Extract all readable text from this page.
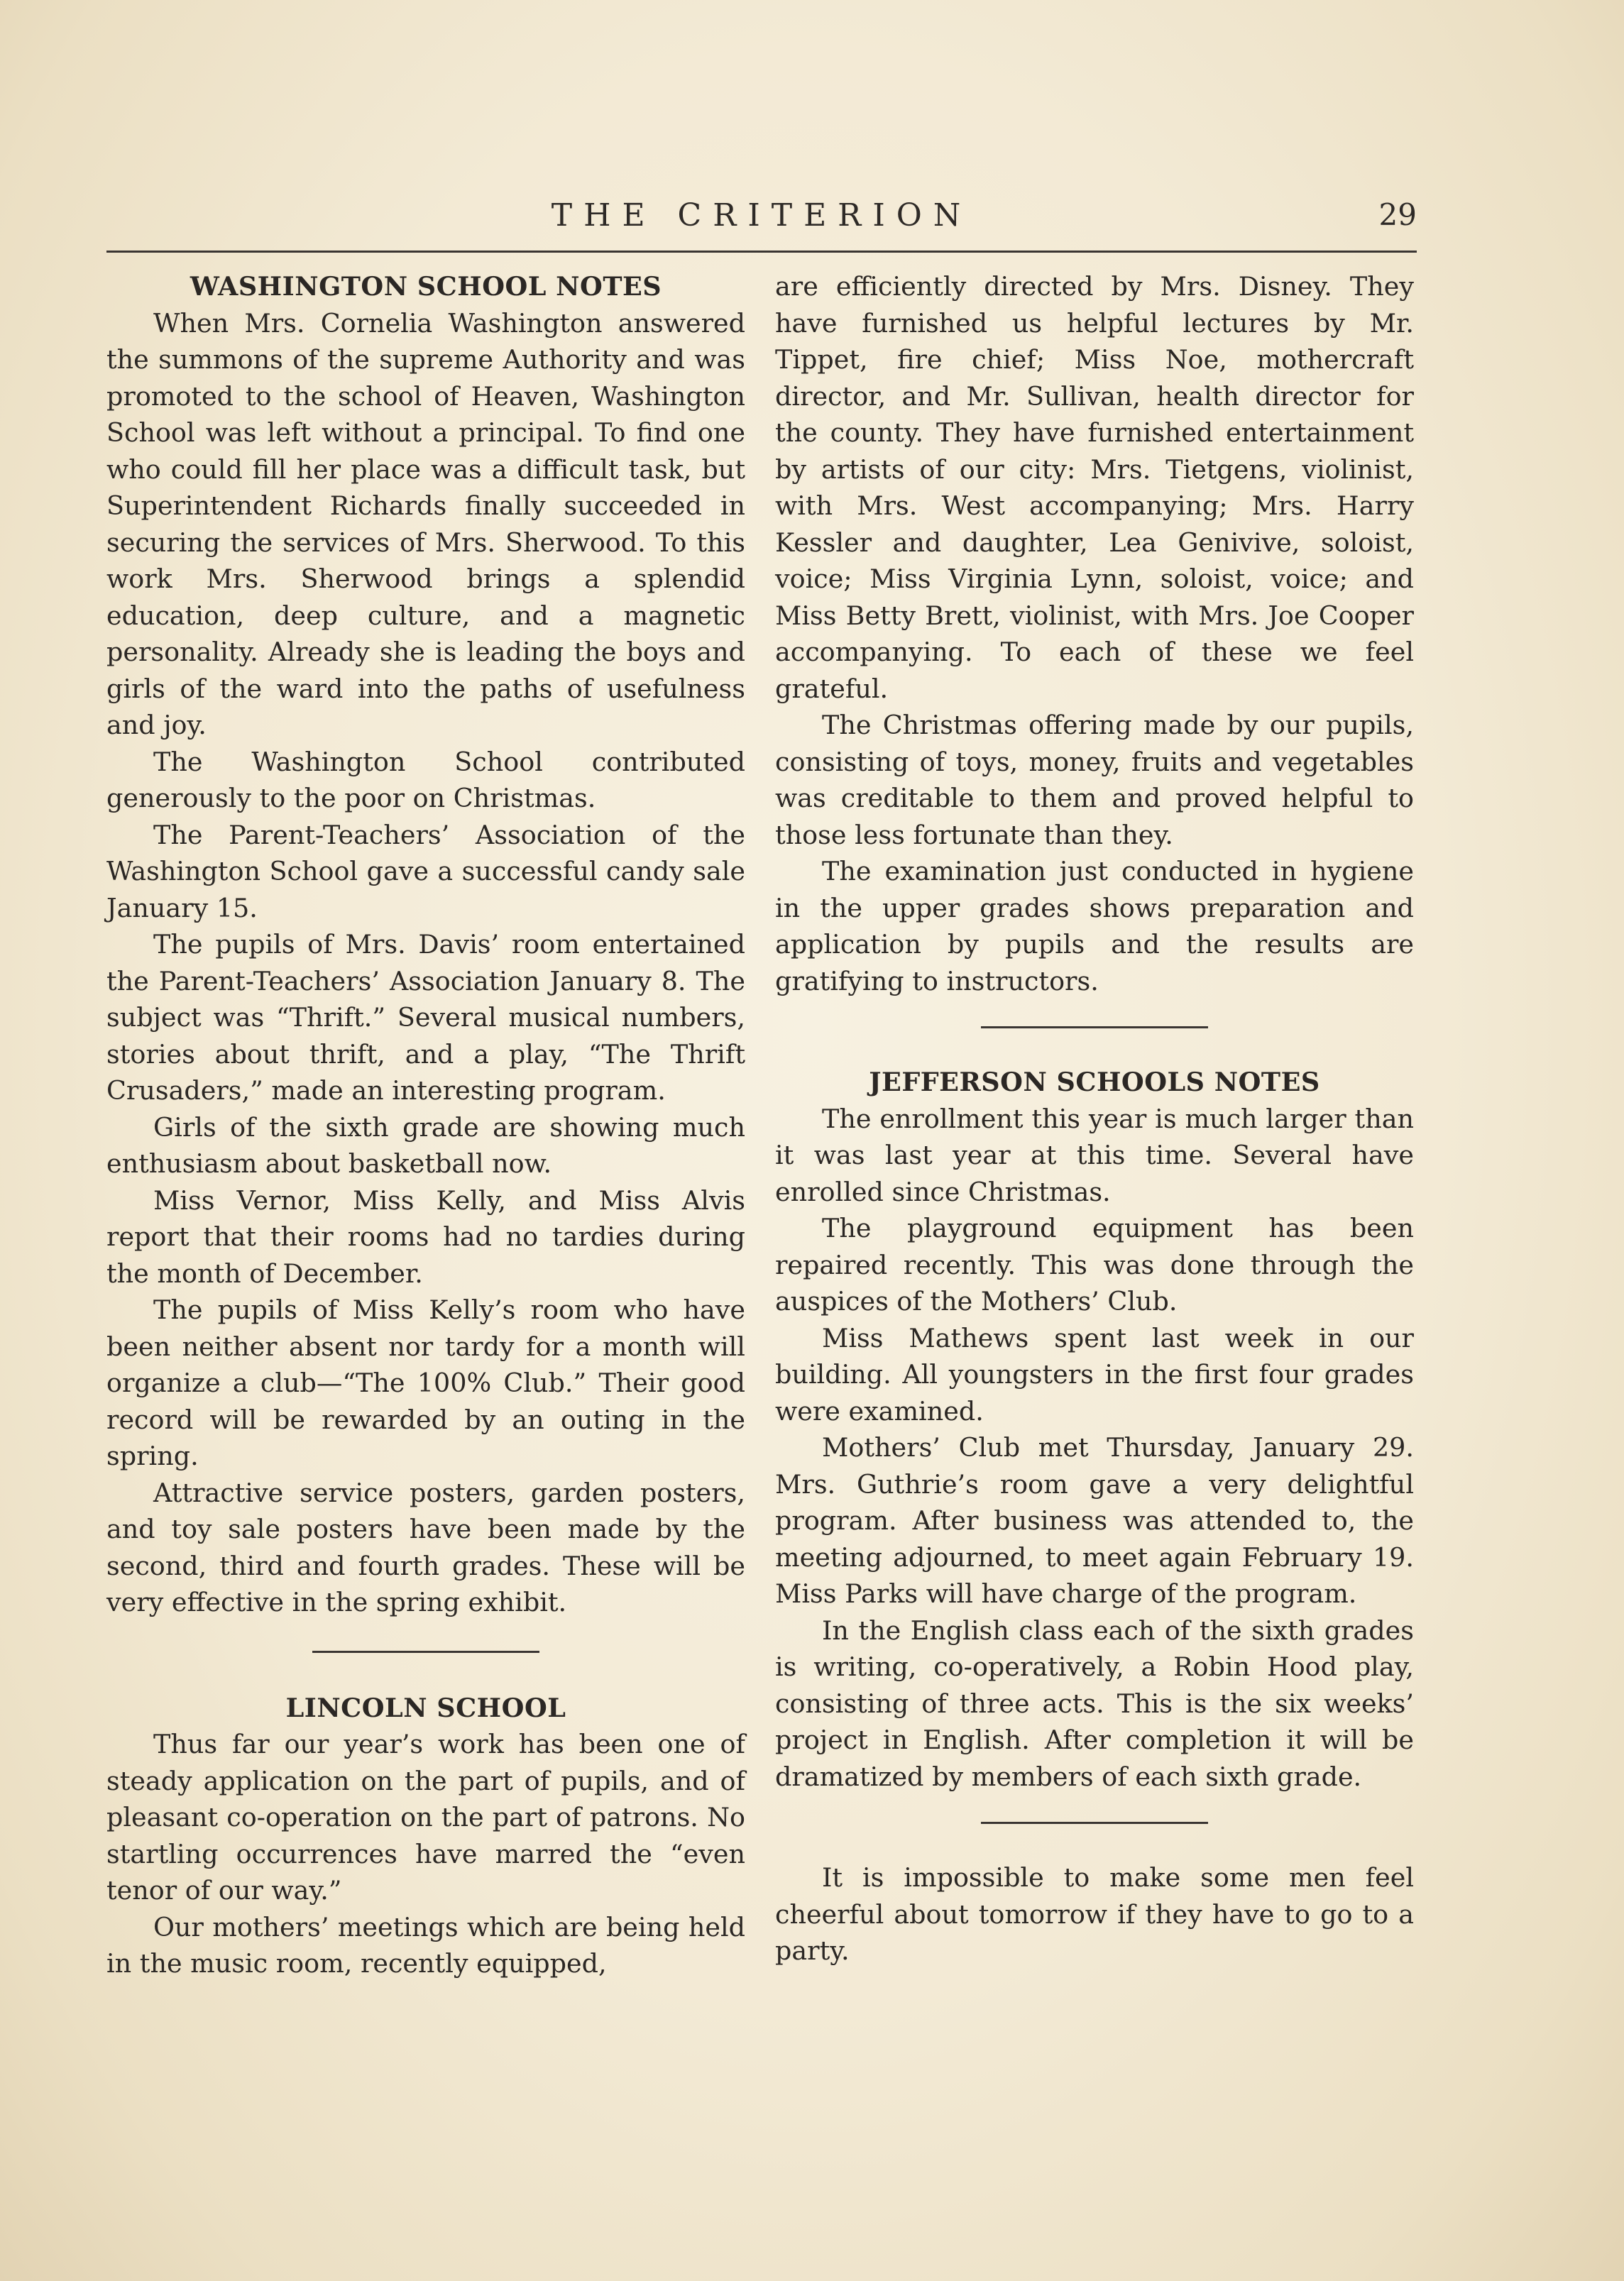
THE CRITERION	29
WASHINGTON SCHOOL NOTES

When Mrs. Cornelia Washington answered the summons of the supreme Authority and was promoted to the school of Heaven, Washington School was left without a principal. To find one who could fill her place was a difficult task, but Superintendent Richards finally succeeded in securing the services of Mrs. Sherwood. To this work Mrs. Sherwood brings a splendid education, deep culture, and a magnetic personality. Already she is leading the boys and girls of the ward into the paths of usefulness and joy.

The Washington School contributed generously to the poor on Christmas.

The Parent-Teachers’ Association of the Washington School gave a successful candy sale January 15.

The pupils of Mrs. Davis’ room entertained the Parent-Teachers’ Association January 8. The subject was “Thrift.” Several musical numbers, stories about thrift, and a play, “The Thrift Crusaders,” made an interesting program.

Girls of the sixth grade are showing much enthusiasm about basketball now.

Miss Vernor, Miss Kelly, and Miss Alvis report that their rooms had no tardies during the month of December.

The pupils of Miss Kelly’s room who have been neither absent nor tardy for a month will organize a club—“The 100% Club.” Their good record will be rewarded by an outing in the spring.

Attractive service posters, garden posters, and toy sale posters have been made by the second, third and fourth grades. These will be very effective in the spring exhibit.

LINCOLN SCHOOL

Thus far our year’s work has been one of steady application on the part of pupils, and of pleasant co-operation on the part of patrons. No startling occurrences have marred the “even tenor of our way.”

Our mothers’ meetings which are being held in the music room, recently equipped,

are efficiently directed by Mrs. Disney. They have furnished us helpful lectures by Mr. Tippet, fire chief; Miss Noe, mothercraft director, and Mr. Sullivan, health director for the county. They have furnished entertainment by artists of our city: Mrs. Tietgens, violinist, with Mrs. West accompanying; Mrs. Harry Kessler and daughter, Lea Genivive, soloist, voice; Miss Virginia Lynn, soloist, voice; and Miss Betty Brett, violinist, with Mrs. Joe Cooper accompanying. To each of these we feel grateful.

The Christmas offering made by our pupils, consisting of toys, money, fruits and vegetables was creditable to them and proved helpful to those less fortunate than they.

The examination just conducted in hygiene in the upper grades shows preparation and application by pupils and the results are gratifying to instructors.

JEFFERSON SCHOOLS NOTES

The enrollment this year is much larger than it was last year at this time. Several have enrolled since Christmas.

The playground equipment has been repaired recently. This was done through the auspices of the Mothers’ Club.

Miss Mathews spent last week in our building. All youngsters in the first four grades were examined.

Mothers’ Club met Thursday, January 29. Mrs. Guthrie’s room gave a very delightful program. After business was attended to, the meeting adjourned, to meet again February 19. Miss Parks will have charge of the program.

In the English class each of the sixth grades is writing, co-operatively, a Robin Hood play, consisting of three acts. This is the six weeks’ project in English. After completion it will be dramatized by members of each sixth grade.

It is impossible to make some men feel cheerful about tomorrow if they have to go to a party.
